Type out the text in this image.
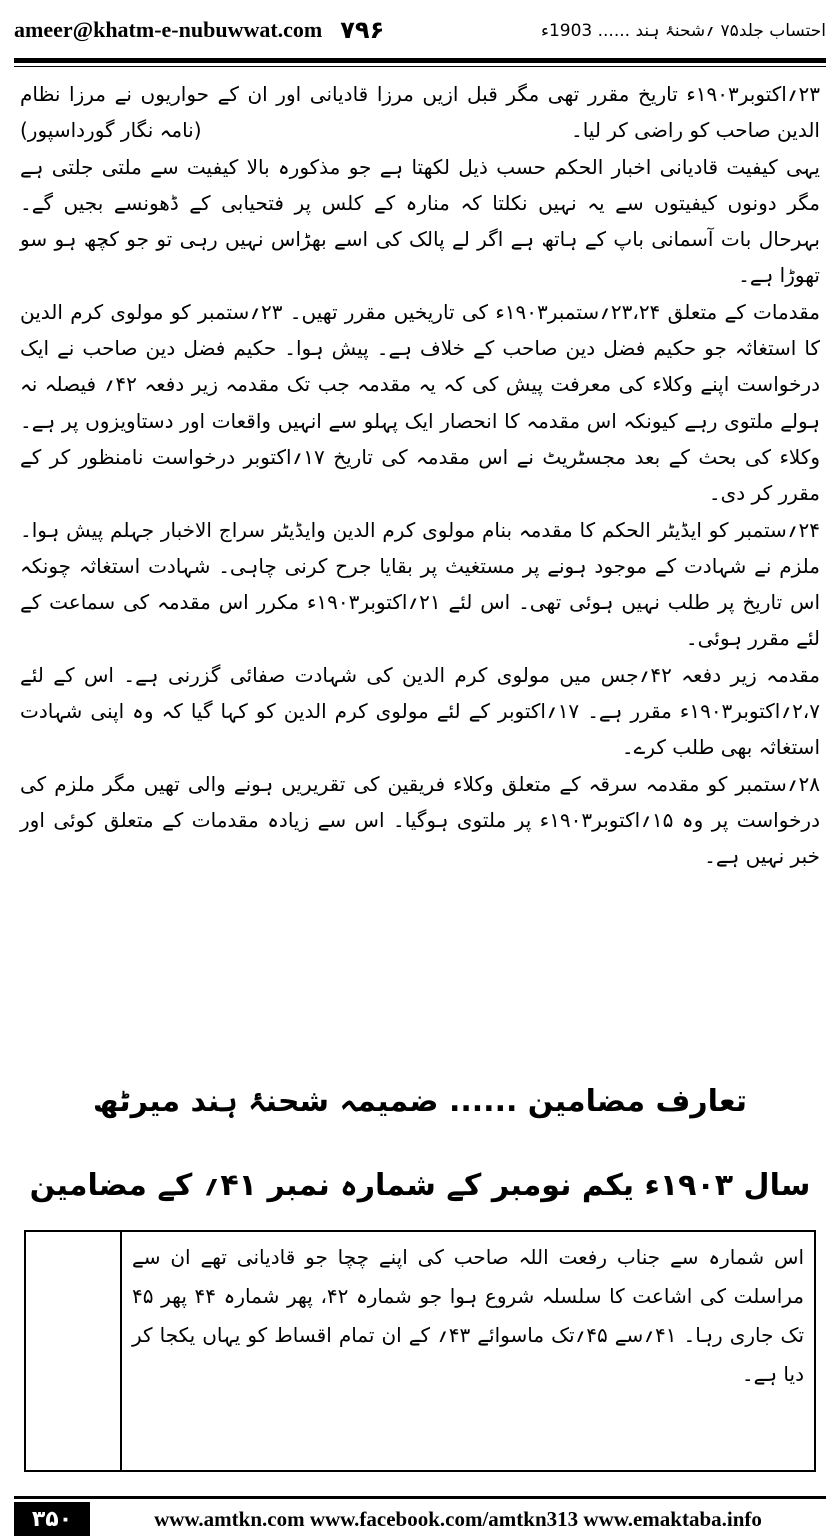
ameer@khatm-e-nubuwwat.com ۷۹۶	احتساب جلد۷۵ ؍شحنۂ ہند ...... 1903ء

۲۳؍اکتوبر۱۹۰۳ء تاریخ مقرر تھی مگر قبل ازیں مرزا قادیانی اور ان کے حواریوں نے مرزا نظام الدین صاحب کو راضی کر لیا۔
(نامہ نگار گورداسپور)

یہی کیفیت قادیانی اخبار الحکم حسب ذیل لکھتا ہے جو مذکورہ بالا کیفیت سے ملتی جلتی ہے مگر دونوں کیفیتوں سے یہ نہیں نکلتا کہ منارہ کے کلس پر فتحیابی کے ڈھونسے بجیں گے۔ بہرحال بات آسمانی باپ کے ہاتھ ہے اگر لے پالک کی اسے بھڑاس نہیں رہی تو جو کچھ ہو سو تھوڑا ہے۔

مقدمات کے متعلق ۲۳،۲۴؍ستمبر۱۹۰۳ء کی تاریخیں مقرر تھیں۔ ۲۳؍ستمبر کو مولوی کرم الدین کا استغاثہ جو حکیم فضل دین صاحب کے خلاف ہے۔ پیش ہوا۔ حکیم فضل دین صاحب نے ایک درخواست اپنے وکلاء کی معرفت پیش کی کہ یہ مقدمہ جب تک مقدمہ زیر دفعہ ۴۲؍ فیصلہ نہ ہولے ملتوی رہے کیونکہ اس مقدمہ کا انحصار ایک پہلو سے انہیں واقعات اور دستاویزوں پر ہے۔ وکلاء کی بحث کے بعد مجسٹریٹ نے اس مقدمہ کی تاریخ ۱۷؍اکتوبر درخواست نامنظور کر کے مقرر کر دی۔

۲۴؍ستمبر کو ایڈیٹر الحکم کا مقدمہ بنام مولوی کرم الدین وایڈیٹر سراج الاخبار جہلم پیش ہوا۔ ملزم نے شہادت کے موجود ہونے پر مستغیث پر بقایا جرح کرنی چاہی۔ شہادت استغاثہ چونکہ اس تاریخ پر طلب نہیں ہوئی تھی۔ اس لئے ۲۱؍اکتوبر۱۹۰۳ء مکرر اس مقدمہ کی سماعت کے لئے مقرر ہوئی۔

مقدمہ زیر دفعہ ۴۲؍جس میں مولوی کرم الدین کی شہادت صفائی گزرنی ہے۔ اس کے لئے ۲،۷؍اکتوبر۱۹۰۳ء مقرر ہے۔ ۱۷؍اکتوبر کے لئے مولوی کرم الدین کو کہا گیا کہ وہ اپنی شہادت استغاثہ بھی طلب کرے۔

۲۸؍ستمبر کو مقدمہ سرقہ کے متعلق وکلاء فریقین کی تقریریں ہونے والی تھیں مگر ملزم کی درخواست پر وہ ۱۵؍اکتوبر۱۹۰۳ء پر ملتوی ہوگیا۔ اس سے زیادہ مقدمات کے متعلق کوئی اور خبر نہیں ہے۔

تعارف مضامین ...... ضمیمہ شحنۂ ہند میرٹھ
سال ۱۹۰۳ء یکم نومبر کے شمارہ نمبر ۴۱؍ کے مضامین
اس شمارہ سے جناب رفعت اللہ صاحب کی اپنے چچا جو قادیانی تھے ان سے مراسلت کی اشاعت کا سلسلہ شروع ہوا جو شمارہ ۴۲، پھر شمارہ ۴۴ پھر ۴۵ تک جاری رہا۔ ۴۱؍سے ۴۵؍تک ماسوائے ۴۳؍ کے ان تمام اقساط کو یہاں یکجا کر دیا ہے۔
۳۵۰	www.amtkn.com www.facebook.com/amtkn313 www.emaktaba.info
